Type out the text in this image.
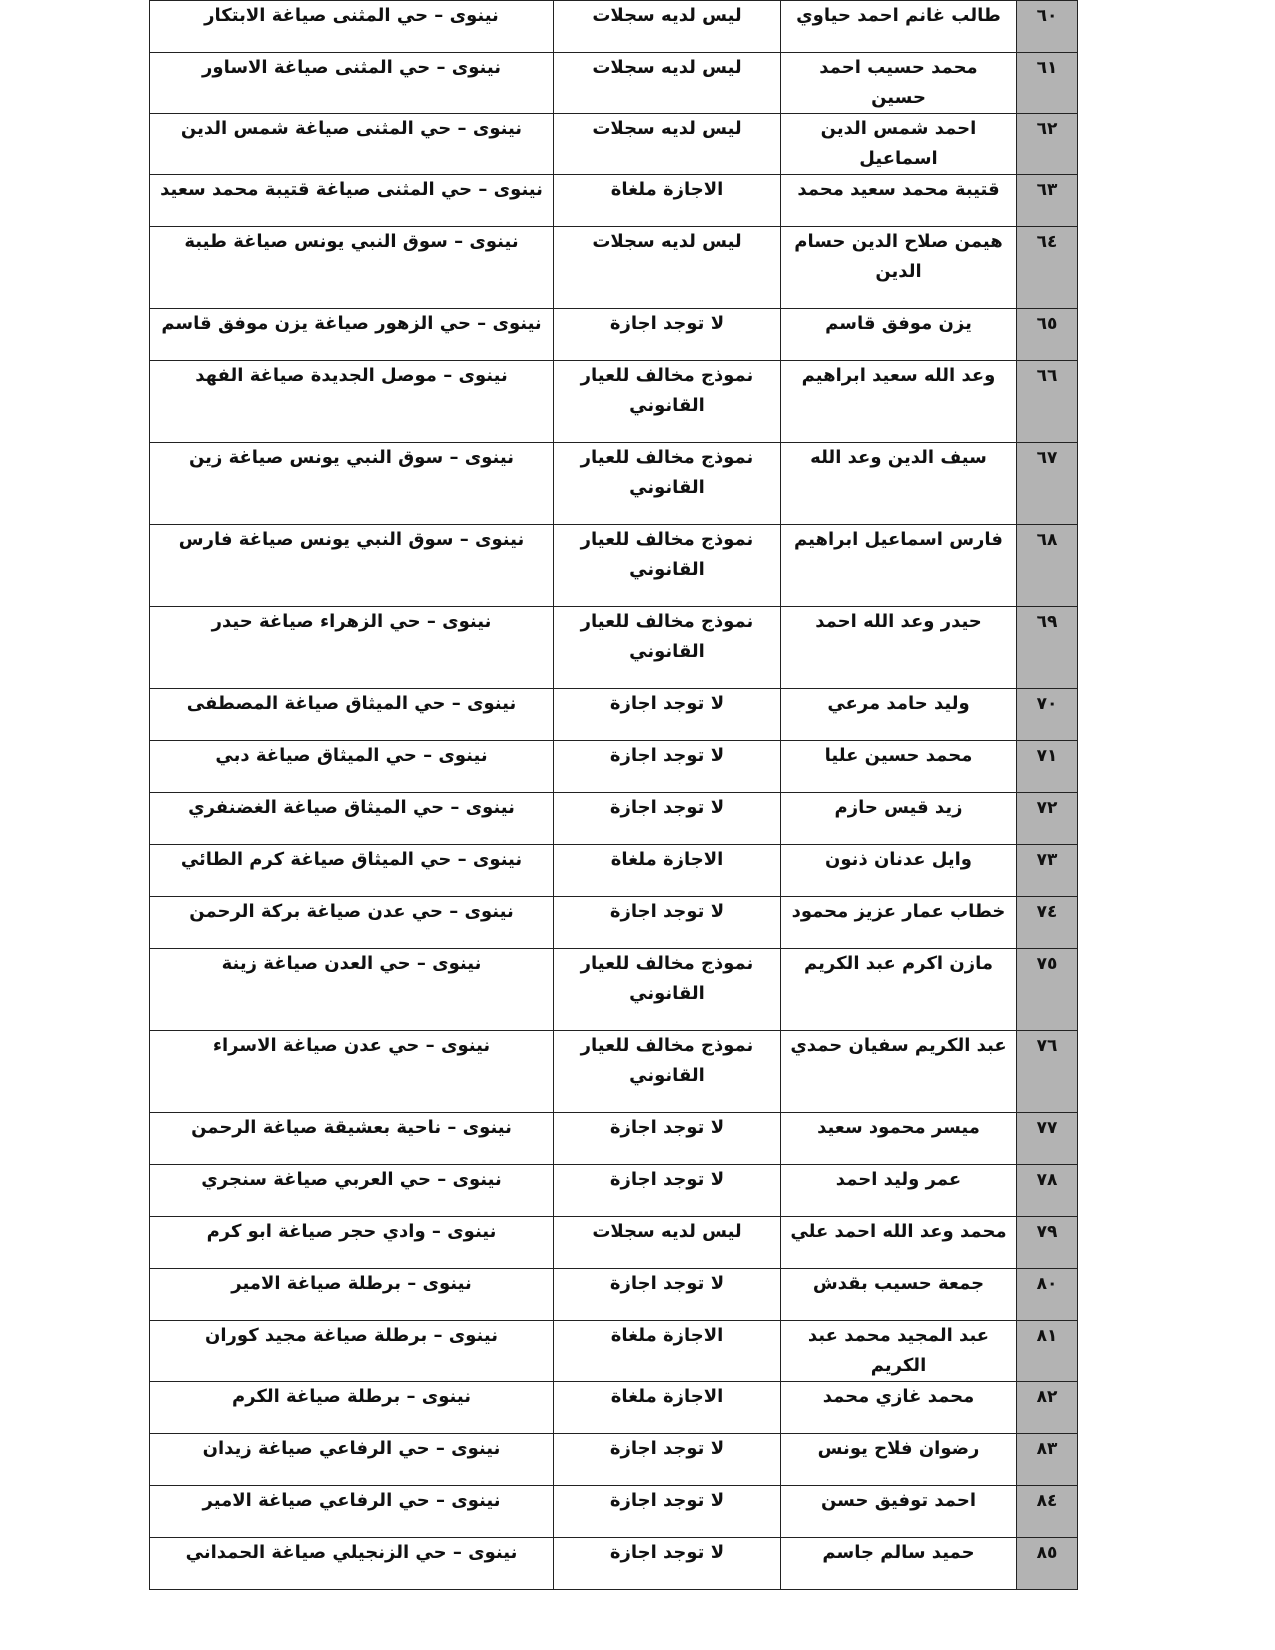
٦٠	طالب غانم احمد حياوي	ليس لديه سجلات	نينوى – حي المثنى صياغة الابتكار
٦١	محمد حسيب احمد حسين	ليس لديه سجلات	نينوى – حي المثنى صياغة الاساور
٦٢	احمد شمس الدين اسماعيل	ليس لديه سجلات	نينوى – حي المثنى صياغة شمس الدين
٦٣	قتيبة محمد سعيد محمد	الاجازة ملغاة	نينوى – حي المثنى صياغة قتيبة محمد سعيد
٦٤	هيمن صلاح الدين حسام الدين	ليس لديه سجلات	نينوى – سوق النبي يونس صياغة طيبة
٦٥	يزن موفق قاسم	لا توجد اجازة	نينوى – حي الزهور صياغة يزن موفق قاسم
٦٦	وعد الله سعيد ابراهيم	نموذج مخالف للعيار القانوني	نينوى – موصل الجديدة صياغة الفهد
٦٧	سيف الدين وعد الله	نموذج مخالف للعيار القانوني	نينوى – سوق النبي يونس صياغة زين
٦٨	فارس اسماعيل ابراهيم	نموذج مخالف للعيار القانوني	نينوى – سوق النبي يونس صياغة فارس
٦٩	حيدر وعد الله احمد	نموذج مخالف للعيار القانوني	نينوى – حي الزهراء صياغة حيدر
٧٠	وليد حامد مرعي	لا توجد اجازة	نينوى – حي الميثاق صياغة المصطفى
٧١	محمد حسين عليا	لا توجد اجازة	نينوى – حي الميثاق صياغة دبي
٧٢	زيد قيس حازم	لا توجد اجازة	نينوى – حي الميثاق صياغة الغضنفري
٧٣	وايل عدنان ذنون	الاجازة ملغاة	نينوى – حي الميثاق صياغة كرم الطائي
٧٤	خطاب عمار عزيز محمود	لا توجد اجازة	نينوى – حي عدن صياغة بركة الرحمن
٧٥	مازن اكرم عبد الكريم	نموذج مخالف للعيار القانوني	نينوى – حي العدن صياغة زينة
٧٦	عبد الكريم سفيان حمدي	نموذج مخالف للعيار القانوني	نينوى – حي عدن صياغة الاسراء
٧٧	ميسر محمود سعيد	لا توجد اجازة	نينوى – ناحية بعشيقة صياغة الرحمن
٧٨	عمر وليد احمد	لا توجد اجازة	نينوى – حي العربي صياغة سنجري
٧٩	محمد وعد الله احمد علي	ليس لديه سجلات	نينوى – وادي حجر صياغة ابو كرم
٨٠	جمعة حسيب بقدش	لا توجد اجازة	نينوى – برطلة صياغة الامير
٨١	عبد المجيد محمد عبد الكريم	الاجازة ملغاة	نينوى – برطلة صياغة مجيد كوران
٨٢	محمد غازي محمد	الاجازة ملغاة	نينوى – برطلة صياغة الكرم
٨٣	رضوان فلاح يونس	لا توجد اجازة	نينوى – حي الرفاعي صياغة زيدان
٨٤	احمد توفيق حسن	لا توجد اجازة	نينوى – حي الرفاعي صياغة الامير
٨٥	حميد سالم جاسم	لا توجد اجازة	نينوى – حي الزنجيلي صياغة الحمداني
